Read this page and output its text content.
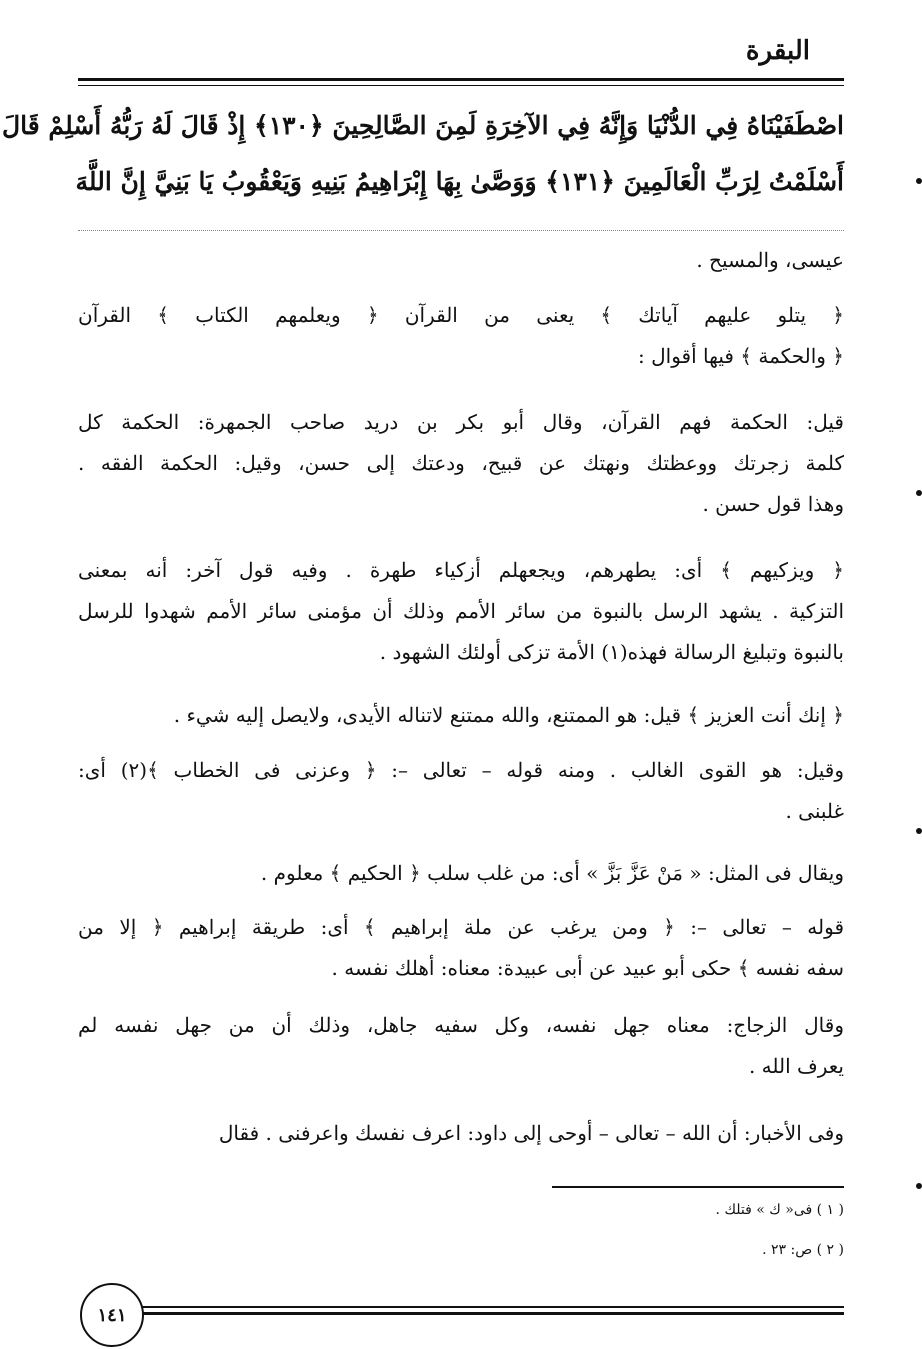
البقرة
اصْطَفَيْنَاهُ فِي الدُّنْيَا وَإِنَّهُ فِي الآخِرَةِ لَمِنَ الصَّالِحِينَ ﴿١٣٠﴾ إِذْ قَالَ لَهُ رَبُّهُ أَسْلِمْ قَالَ
أَسْلَمْتُ لِرَبِّ الْعَالَمِينَ ﴿١٣١﴾ وَوَصَّىٰ بِهَا إِبْرَاهِيمُ بَنِيهِ وَيَعْقُوبُ يَا بَنِيَّ إِنَّ اللَّهَ
عيسى، والمسيح .
﴿ يتلو عليهم آياتك ﴾ يعنى من القرآن ﴿ ويعلمهم الكتاب ﴾ القرآن
﴿ والحكمة ﴾ فيها أقوال :
قيل: الحكمة فهم القرآن، وقال أبو بكر بن دريد صاحب الجمهرة: الحكمة كل
كلمة زجرتك ووعظتك ونهتك عن قبيح، ودعتك إلى حسن، وقيل: الحكمة الفقه .
وهذا قول حسن .
﴿ ويزكيهم ﴾ أى: يطهرهم، ويجعهلم أزكياء طهرة . وفيه قول آخر: أنه بمعنى
التزكية . يشهد الرسل بالنبوة من سائر الأمم وذلك أن مؤمنى سائر الأمم شهدوا للرسل
بالنبوة وتبليغ الرسالة فهذه(١) الأمة تزكى أولئك الشهود .
﴿ إنك أنت العزيز ﴾ قيل: هو الممتنع، والله ممتنع لاتناله الأيدى، ولايصل إليه شيء .
وقيل: هو القوى الغالب . ومنه قوله – تعالى –: ﴿ وعزنى فى الخطاب ﴾(٢) أى:
غلبنى .
ويقال فى المثل: « مَنْ عَزَّ بَزَّ » أى: من غلب سلب ﴿ الحكيم ﴾ معلوم .
قوله – تعالى –: ﴿ ومن يرغب عن ملة إبراهيم ﴾ أى: طريقة إبراهيم ﴿ إلا من
سفه نفسه ﴾ حكى أبو عبيد عن أبى عبيدة: معناه: أهلك نفسه .
وقال الزجاج: معناه جهل نفسه، وكل سفيه جاهل، وذلك أن من جهل نفسه لم
يعرف الله .
وفى الأخبار: أن الله – تعالى – أوحى إلى داود: اعرف نفسك واعرفنى . فقال
( ١ ) فى« ك » فتلك .
( ٢ ) ص: ٢٣ .
١٤١
